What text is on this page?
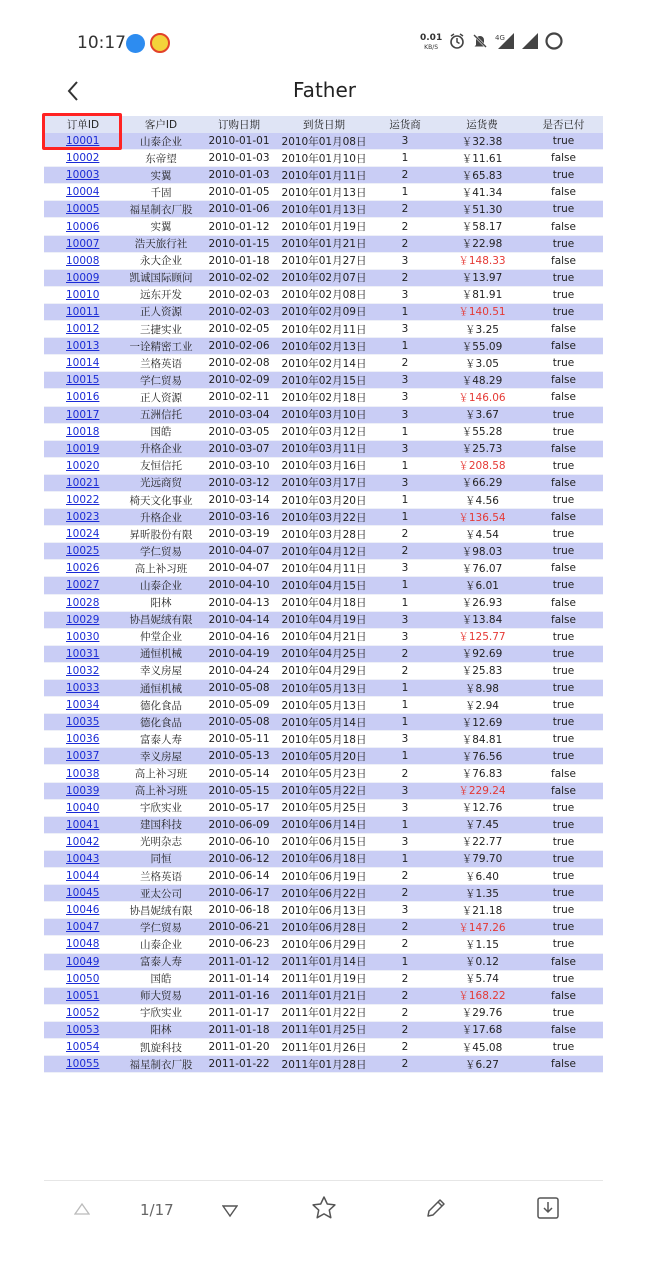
10:17	0.01
KB/S
4G
Father
订单ID	客户ID	订购日期	到货日期	运货商	运货费	是否已付
10001	山泰企业	2010-01-01	2010年01月08日	3	￥32.38	true
10002	东帝望	2010-01-03	2010年01月10日	1	￥11.61	false
10003	实翼	2010-01-03	2010年01月11日	2	￥65.83	true
10004	千固	2010-01-05	2010年01月13日	1	￥41.34	false
10005	福星制衣厂股	2010-01-06	2010年01月13日	2	￥51.30	true
10006	实翼	2010-01-12	2010年01月19日	2	￥58.17	false
10007	浩天旅行社	2010-01-15	2010年01月21日	2	￥22.98	true
10008	永大企业	2010-01-18	2010年01月27日	3	￥148.33	false
10009	凯诚国际顾问	2010-02-02	2010年02月07日	2	￥13.97	true
10010	远东开发	2010-02-03	2010年02月08日	3	￥81.91	true
10011	正人资源	2010-02-03	2010年02月09日	1	￥140.51	true
10012	三捷实业	2010-02-05	2010年02月11日	3	￥3.25	false
10013	一诠精密工业	2010-02-06	2010年02月13日	1	￥55.09	false
10014	兰格英语	2010-02-08	2010年02月14日	2	￥3.05	true
10015	学仁贸易	2010-02-09	2010年02月15日	3	￥48.29	false
10016	正人资源	2010-02-11	2010年02月18日	3	￥146.06	false
10017	五洲信托	2010-03-04	2010年03月10日	3	￥3.67	true
10018	国皓	2010-03-05	2010年03月12日	1	￥55.28	true
10019	升格企业	2010-03-07	2010年03月11日	3	￥25.73	false
10020	友恒信托	2010-03-10	2010年03月16日	1	￥208.58	true
10021	光远商贸	2010-03-12	2010年03月17日	3	￥66.29	false
10022	椅天文化事业	2010-03-14	2010年03月20日	1	￥4.56	true
10023	升格企业	2010-03-16	2010年03月22日	1	￥136.54	false
10024	昇昕股份有限	2010-03-19	2010年03月28日	2	￥4.54	true
10025	学仁贸易	2010-04-07	2010年04月12日	2	￥98.03	true
10026	高上补习班	2010-04-07	2010年04月11日	3	￥76.07	false
10027	山泰企业	2010-04-10	2010年04月15日	1	￥6.01	true
10028	阳林	2010-04-13	2010年04月18日	1	￥26.93	false
10029	协昌妮绒有限	2010-04-14	2010年04月19日	3	￥13.84	false
10030	仲堂企业	2010-04-16	2010年04月21日	3	￥125.77	true
10031	通恒机械	2010-04-19	2010年04月25日	2	￥92.69	true
10032	幸义房屋	2010-04-24	2010年04月29日	2	￥25.83	true
10033	通恒机械	2010-05-08	2010年05月13日	1	￥8.98	true
10034	德化食品	2010-05-09	2010年05月13日	1	￥2.94	true
10035	德化食品	2010-05-08	2010年05月14日	1	￥12.69	true
10036	富泰人寿	2010-05-11	2010年05月18日	3	￥84.81	true
10037	幸义房屋	2010-05-13	2010年05月20日	1	￥76.56	true
10038	高上补习班	2010-05-14	2010年05月23日	2	￥76.83	false
10039	高上补习班	2010-05-15	2010年05月22日	3	￥229.24	false
10040	宇欣实业	2010-05-17	2010年05月25日	3	￥12.76	true
10041	建国科技	2010-06-09	2010年06月14日	1	￥7.45	true
10042	光明杂志	2010-06-10	2010年06月15日	3	￥22.77	true
10043	同恒	2010-06-12	2010年06月18日	1	￥79.70	true
10044	兰格英语	2010-06-14	2010年06月19日	2	￥6.40	true
10045	亚太公司	2010-06-17	2010年06月22日	2	￥1.35	true
10046	协昌妮绒有限	2010-06-18	2010年06月13日	3	￥21.18	true
10047	学仁贸易	2010-06-21	2010年06月28日	2	￥147.26	true
10048	山泰企业	2010-06-23	2010年06月29日	2	￥1.15	true
10049	富泰人寿	2011-01-12	2011年01月14日	1	￥0.12	false
10050	国皓	2011-01-14	2011年01月19日	2	￥5.74	true
10051	师大贸易	2011-01-16	2011年01月21日	2	￥168.22	false
10052	宇欣实业	2011-01-17	2011年01月22日	2	￥29.76	true
10053	阳林	2011-01-18	2011年01月25日	2	￥17.68	false
10054	凯旋科技	2011-01-20	2011年01月26日	2	￥45.08	true
10055	福星制衣厂股	2011-01-22	2011年01月28日	2	￥6.27	false
1/17
